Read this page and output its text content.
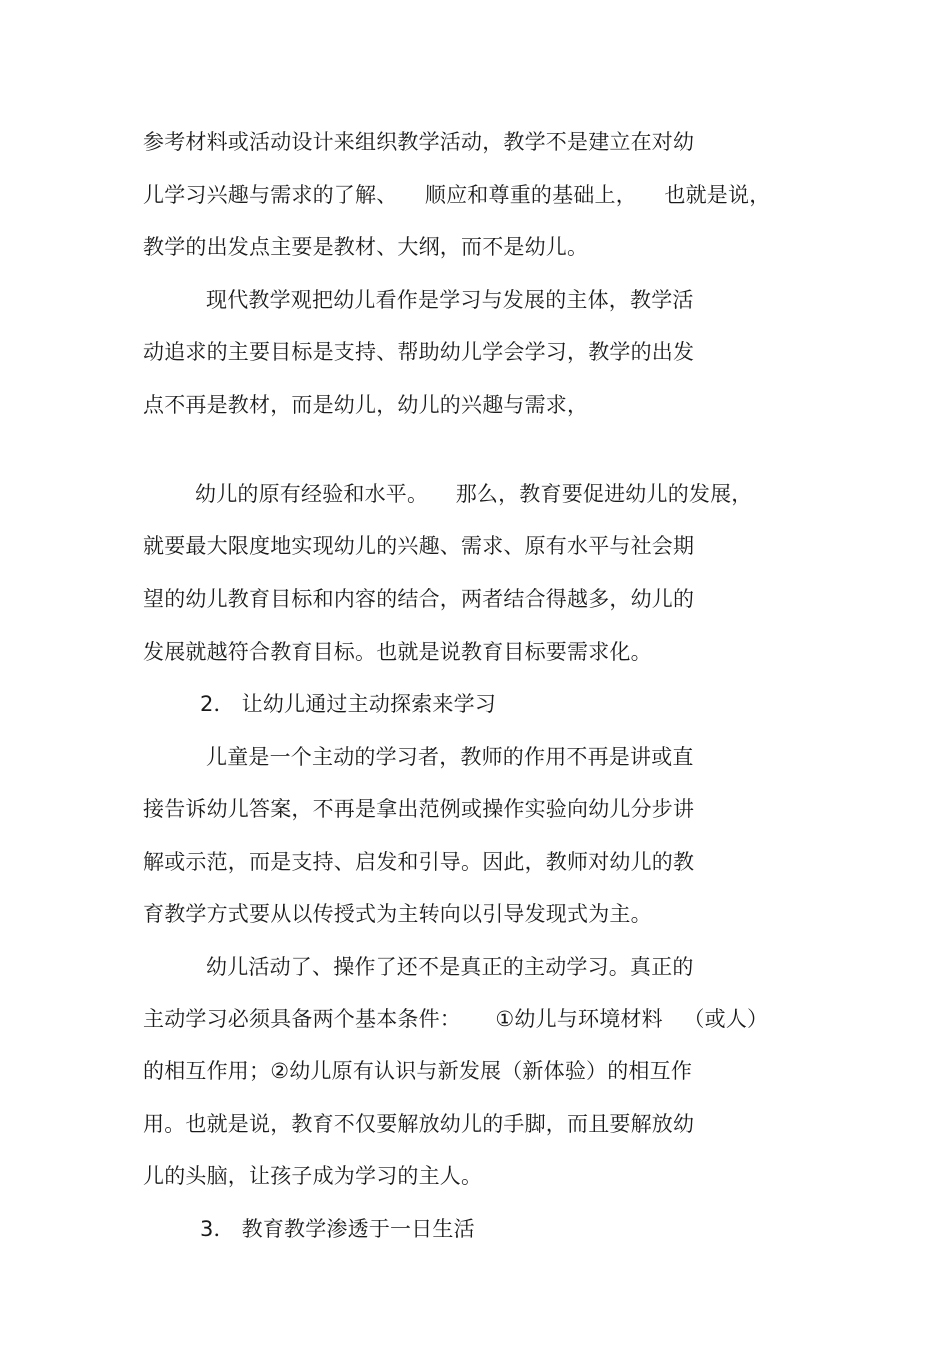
参考材料或活动设计来组织教学活动，教学不是建立在对幼
儿学习兴趣与需求的了解、    顺应和尊重的基础上，    也就是说，
教学的出发点主要是教材、大纲，而不是幼儿。
现代教学观把幼儿看作是学习与发展的主体，教学活
动追求的主要目标是支持、帮助幼儿学会学习，教学的出发
点不再是教材，而是幼儿，幼儿的兴趣与需求，
幼儿的原有经验和水平。    那么，教育要促进幼儿的发展，
就要最大限度地实现幼儿的兴趣、需求、原有水平与社会期
望的幼儿教育目标和内容的结合，两者结合得越多，幼儿的
发展就越符合教育目标。也就是说教育目标要需求化。
2． 让幼儿通过主动探索来学习
儿童是一个主动的学习者，教师的作用不再是讲或直
接告诉幼儿答案，不再是拿出范例或操作实验向幼儿分步讲
解或示范，而是支持、启发和引导。因此，教师对幼儿的教
育教学方式要从以传授式为主转向以引导发现式为主。
幼儿活动了、操作了还不是真正的主动学习。真正的
主动学习必须具备两个基本条件：     ①幼儿与环境材料   （或人）
的相互作用；②幼儿原有认识与新发展（新体验）的相互作
用。也就是说，教育不仅要解放幼儿的手脚，而且要解放幼
儿的头脑，让孩子成为学习的主人。
3． 教育教学渗透于一日生活
